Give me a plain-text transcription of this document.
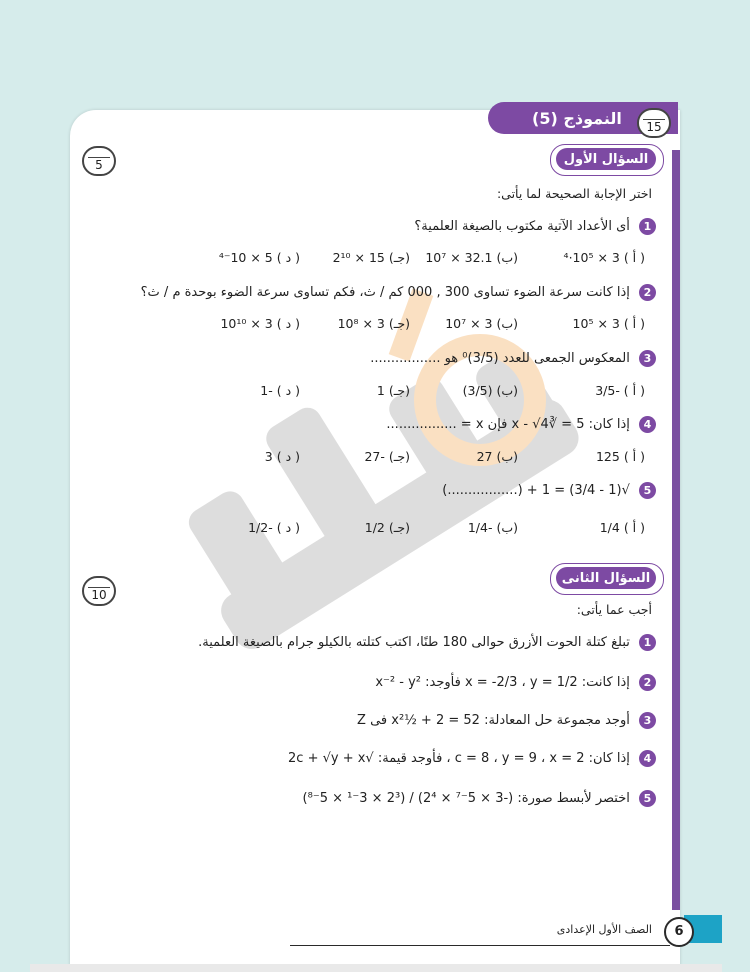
النموذج (5) 15
السؤال الأول
5
اختر الإجابة الصحيحة لما يأتى:
1 أى الأعداد الآتية مكتوب بالصيغة العلمية؟
( أ ) 3 × 10⁵·⁴
(ب) 32.1 × 10⁷
(جـ) 15 × 2¹⁰
( د ) 5 × 10⁻⁴
2 إذا كانت سرعة الضوء تساوى 300 , 000 كم / ث، فكم تساوى سرعة الضوء بوحدة م / ث؟
( أ ) 3 × 10⁵
(ب) 3 × 10⁷
(جـ) 3 × 10⁸
( د ) 3 × 10¹⁰
3 المعكوس الجمعى للعدد (3/5)⁰ هو .................
( أ ) -3/5
(ب) (3/5)
(جـ) 1
( د ) -1
4 إذا كان: 5 = ∛x - √4 فإن x = .................
( أ ) 125
(ب) 27
(جـ) -27
( د ) 3
5 √(1 - 3/4) = 1 + (.................)
( أ ) 1/4
(ب) -1/4
(جـ) 1/2
( د ) -1/2
السؤال الثانى
10
أجب عما يأتى:
1 تبلغ كتلة الحوت الأزرق حوالى 180 طنًا، اكتب كتلته بالكيلو جرام بالصيغة العلمية.
2 إذا كانت: x = -2/3 ، y = 1/2 فأوجد: x⁻² - y²
3 أوجد مجموعة حل المعادلة: 52 = 2 + ½x² فى Z
4 إذا كان: c = 8 ، y = 9 ، x = 2 ، فأوجد قيمة: √2c + √y + x
5 اختصر لأبسط صورة: (-3 × 5⁻⁷ × 2⁴) / (2³ × 3⁻¹ × 5⁻⁸)
الصف الأول الإعدادى	6
